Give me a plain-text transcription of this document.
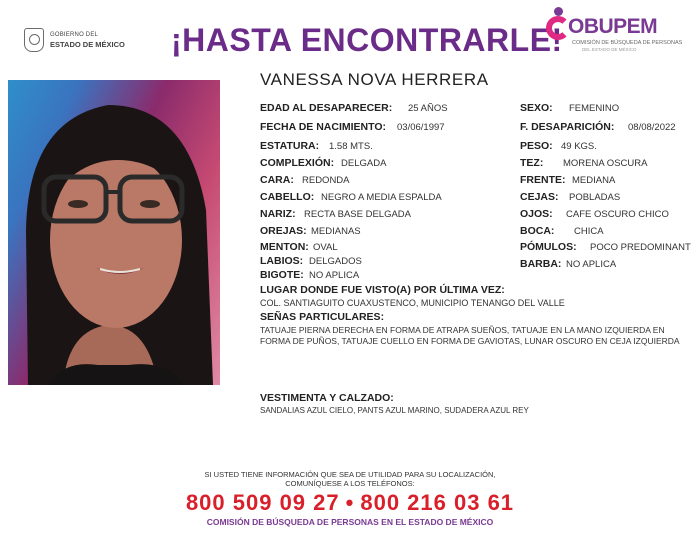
GOBIERNO DEL
ESTADO DE MÉXICO ¡HASTA ENCONTRARLE! OBUPEM
COMISIÓN DE BÚSQUEDA DE PERSONAS
DEL ESTADO DE MÉXICO
VANESSA NOVA HERRERA
EDAD AL DESAPARECER: 25 AÑOS
FECHA DE NACIMIENTO: 03/06/1997
ESTATURA: 1.58 MTS.
COMPLEXIÓN: DELGADA
CARA: REDONDA
CABELLO: NEGRO A MEDIA ESPALDA
NARIZ: RECTA BASE DELGADA
OREJAS: MEDIANAS
MENTON: OVAL
LABIOS: DELGADOS
BIGOTE: NO APLICA
SEXO: FEMENINO
F. DESAPARICIÓN: 08/08/2022
PESO: 49 KGS.
TEZ: MORENA OSCURA
FRENTE: MEDIANA
CEJAS: POBLADAS
OJOS: CAFE OSCURO CHICO
BOCA: CHICA
PÓMULOS: POCO PREDOMINANT
BARBA: NO APLICA
LUGAR DONDE FUE VISTO(A) POR ÚLTIMA VEZ:
COL. SANTIAGUITO CUAXUSTENCO, MUNICIPIO TENANGO DEL VALLE
SEÑAS PARTICULARES:
TATUAJE PIERNA DERECHA EN FORMA DE ATRAPA SUEÑOS, TATUAJE EN LA MANO IZQUIERDA EN FORMA DE PUÑOS, TATUAJE CUELLO EN FORMA DE GAVIOTAS, LUNAR OSCURO EN CEJA IZQUIERDA
VESTIMENTA Y CALZADO:
SANDALIAS AZUL CIELO, PANTS AZUL MARINO, SUDADERA AZUL REY
SI USTED TIENE INFORMACIÓN QUE SEA DE UTILIDAD PARA SU LOCALIZACIÓN,
COMUNÍQUESE A LOS TELÉFONOS:
800 509 09 27 • 800 216 03 61
COMISIÓN DE BÚSQUEDA DE PERSONAS EN EL ESTADO DE MÉXICO
